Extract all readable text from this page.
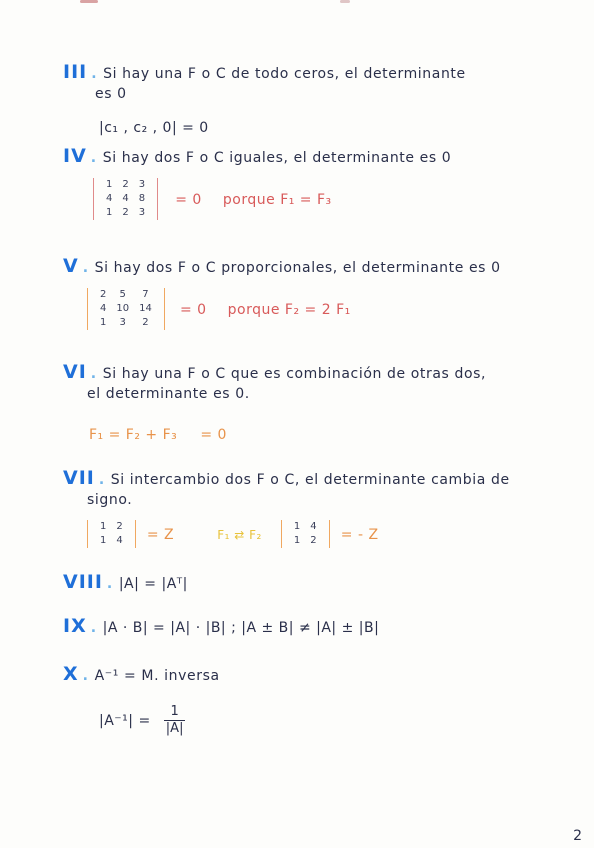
III . Si hay una F o C de todo ceros, el determinante
es 0
|c₁ , c₂ , 0| = 0
IV . Si hay dos F o C iguales, el determinante es 0
1	2	3
4	4	8
1	2	3
= 0 porque F₁ = F₃
V . Si hay dos F o C proporcionales, el determinante es 0
2	5	7
4	10	14
1	3	2
= 0 porque F₂ = 2 F₁
VI . Si hay una F o C que es combinación de otras dos,
el determinante es 0.
F₁ = F₂ + F₃ = 0
VII . Si intercambio dos F o C, el determinante cambia de
signo.
1	2
1	4 = Z	F₁ ⇄ F₂
1	4
1	2 = - Z
VIII . |A| = |Aᵀ|
IX . |A · B| = |A| · |B| ; |A ± B| ≠ |A| ± |B|
X . A⁻¹ = M. inversa
$|A^{-1}| = \frac{1}{|A|}$
2
